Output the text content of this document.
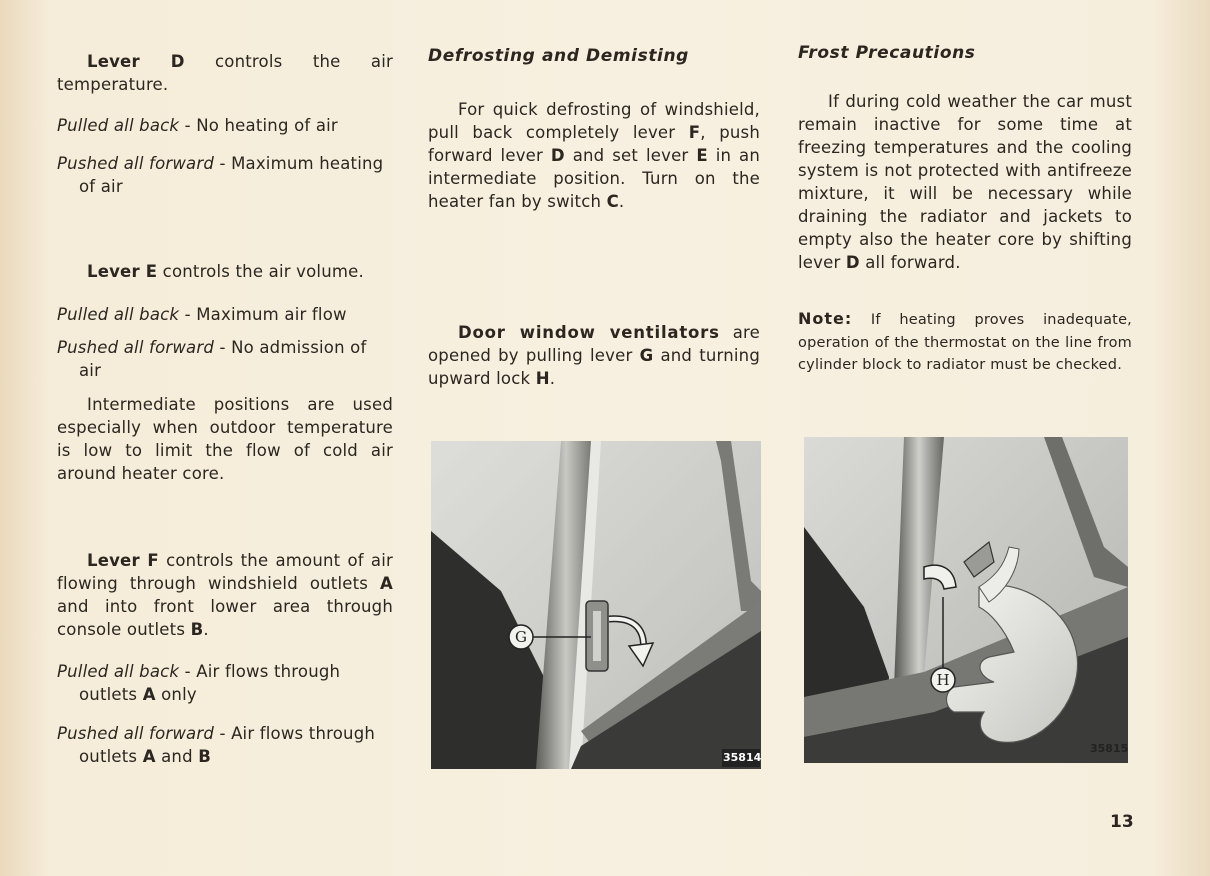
Lever D controls the air temperature.

Pulled all back - No heating of air

Pushed all forward - Maximum heating of air

Lever E controls the air volume.

Pulled all back - Maximum air flow

Pushed all forward - No admission of air

Intermediate positions are used especially when outdoor temperature is low to limit the flow of cold air around heater core.

Lever F controls the amount of air flowing through windshield outlets A and into front lower area through console outlets B.

Pulled all back - Air flows through outlets A only

Pushed all forward - Air flows through outlets A and B

Defrosting and Demisting

For quick defrosting of windshield, pull back completely lever F, push forward lever D and set lever E in an intermediate position. Turn on the heater fan by switch C.

Door window ventilators are opened by pulling lever G and turning upward lock H.

G
35814

Frost Precautions

If during cold weather the car must remain inactive for some time at freezing temperatures and the cooling system is not protected with antifreeze mixture, it will be necessary while draining the radiator and jackets to empty also the heater core by shifting lever D all forward.

Note: If heating proves inadequate, operation of the thermostat on the line from cylinder block to radiator must be checked.

H
35815
13
